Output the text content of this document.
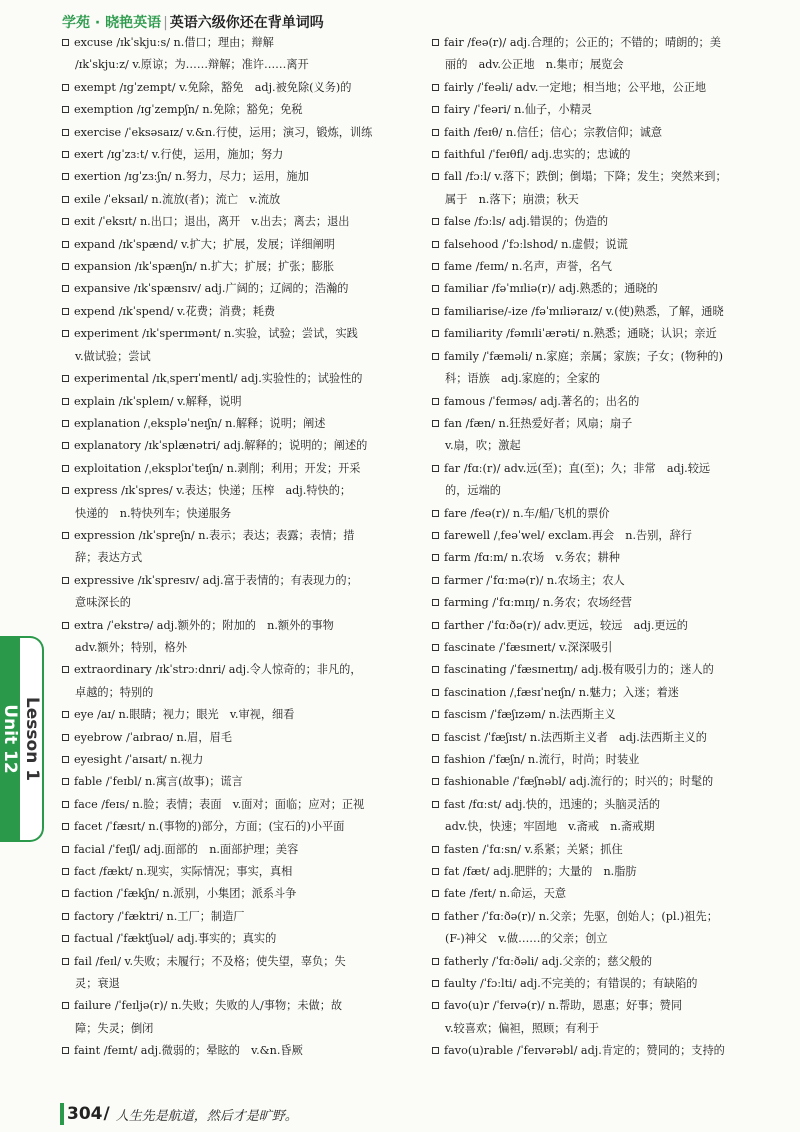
学苑 · 晓艳英语 | 英语六级你还在背单词吗
excuse /ɪkˈskjuːs/ n.借口；理由；辩解
/ɪkˈskjuːz/ v.原谅；为……辩解；准许……离开
exempt /ɪgˈzempt/ v.免除，豁免　adj.被免除(义务)的
exemption /ɪgˈzempʃn/ n.免除；豁免；免税
exercise /ˈeksəsaɪz/ v.&n.行使，运用；演习，锻炼，训练
exert /ɪgˈzɜːt/ v.行使，运用，施加；努力
exertion /ɪgˈzɜːʃn/ n.努力，尽力；运用，施加
exile /ˈeksaɪl/ n.流放(者)；流亡　v.流放
exit /ˈeksɪt/ n.出口；退出，离开　v.出去；离去；退出
expand /ɪkˈspænd/ v.扩大；扩展，发展；详细阐明
expansion /ɪkˈspænʃn/ n.扩大；扩展；扩张；膨胀
expansive /ɪkˈspænsɪv/ adj.广阔的；辽阔的；浩瀚的
expend /ɪkˈspend/ v.花费；消费；耗费
experiment /ɪkˈsperɪmənt/ n.实验，试验；尝试，实践
v.做试验；尝试
experimental /ɪkˌsperɪˈmentl/ adj.实验性的；试验性的
explain /ɪkˈspleɪn/ v.解释，说明
explanation /ˌekspləˈneɪʃn/ n.解释；说明；阐述
explanatory /ɪkˈsplænətri/ adj.解释的；说明的；阐述的
exploitation /ˌeksplɔɪˈteɪʃn/ n.剥削；利用；开发；开采
express /ɪkˈspres/ v.表达；快递；压榨　adj.特快的；
快递的　n.特快列车；快递服务
expression /ɪkˈspreʃn/ n.表示；表达；表露；表情；措
辞；表达方式
expressive /ɪkˈspresɪv/ adj.富于表情的；有表现力的；
意味深长的
extra /ˈekstrə/ adj.额外的；附加的　n.额外的事物
adv.额外；特别，格外
extraordinary /ɪkˈstrɔːdnri/ adj.令人惊奇的；非凡的，
卓越的；特别的
eye /aɪ/ n.眼睛；视力；眼光　v.审视，细看
eyebrow /ˈaɪbraʊ/ n.眉，眉毛
eyesight /ˈaɪsaɪt/ n.视力
fable /ˈfeɪbl/ n.寓言(故事)；谎言
face /feɪs/ n.脸；表情；表面　v.面对；面临；应对；正视
facet /ˈfæsɪt/ n.(事物的)部分，方面；(宝石的)小平面
facial /ˈfeɪʃl/ adj.面部的　n.面部护理；美容
fact /fækt/ n.现实，实际情况；事实，真相
faction /ˈfækʃn/ n.派别，小集团；派系斗争
factory /ˈfæktri/ n.工厂；制造厂
factual /ˈfæktʃuəl/ adj.事实的；真实的
fail /feɪl/ v.失败；未履行；不及格；使失望，辜负；失
灵；衰退
failure /ˈfeɪljə(r)/ n.失败；失败的人/事物；未做；故
障；失灵；倒闭
faint /feɪnt/ adj.微弱的；晕眩的　v.&n.昏厥
fair /feə(r)/ adj.合理的；公正的；不错的；晴朗的；美
丽的　adv.公正地　n.集市；展览会
fairly /ˈfeəli/ adv.一定地；相当地；公平地，公正地
fairy /ˈfeəri/ n.仙子，小精灵
faith /feɪθ/ n.信任；信心；宗教信仰；诚意
faithful /ˈfeɪθfl/ adj.忠实的；忠诚的
fall /fɔːl/ v.落下；跌倒；倒塌；下降；发生；突然来到；
属于　n.落下；崩溃；秋天
false /fɔːls/ adj.错误的；伪造的
falsehood /ˈfɔːlshʊd/ n.虚假；说谎
fame /feɪm/ n.名声，声誉，名气
familiar /fəˈmɪliə(r)/ adj.熟悉的；通晓的
familiarise/-ize /fəˈmɪliəraɪz/ v.(使)熟悉，了解，通晓
familiarity /fəmɪliˈærəti/ n.熟悉；通晓；认识；亲近
family /ˈfæməli/ n.家庭；亲属；家族；子女；(物种的)
科；语族　adj.家庭的；全家的
famous /ˈfeɪməs/ adj.著名的；出名的
fan /fæn/ n.狂热爱好者；风扇；扇子
v.扇，吹；激起
far /fɑː(r)/ adv.远(至)；直(至)；久；非常　adj.较远
的，远端的
fare /feə(r)/ n.车/船/飞机的票价
farewell /ˌfeəˈwel/ exclam.再会　n.告别，辞行
farm /fɑːm/ n.农场　v.务农；耕种
farmer /ˈfɑːmə(r)/ n.农场主；农人
farming /ˈfɑːmɪŋ/ n.务农；农场经营
farther /ˈfɑːðə(r)/ adv.更远，较远　adj.更远的
fascinate /ˈfæsɪneɪt/ v.深深吸引
fascinating /ˈfæsɪneɪtɪŋ/ adj.极有吸引力的；迷人的
fascination /ˌfæsɪˈneɪʃn/ n.魅力；入迷；着迷
fascism /ˈfæʃɪzəm/ n.法西斯主义
fascist /ˈfæʃɪst/ n.法西斯主义者　adj.法西斯主义的
fashion /ˈfæʃn/ n.流行，时尚；时装业
fashionable /ˈfæʃnəbl/ adj.流行的；时兴的；时髦的
fast /fɑːst/ adj.快的，迅速的；头脑灵活的
adv.快，快速；牢固地　v.斋戒　n.斋戒期
fasten /ˈfɑːsn/ v.系紧；关紧；抓住
fat /fæt/ adj.肥胖的；大量的　n.脂肪
fate /feɪt/ n.命运，天意
father /ˈfɑːðə(r)/ n.父亲；先驱，创始人；(pl.)祖先；
(F-)神父　v.做……的父亲；创立
fatherly /ˈfɑːðəli/ adj.父亲的；慈父般的
faulty /ˈfɔːlti/ adj.不完美的；有错误的；有缺陷的
favo(u)r /ˈfeɪvə(r)/ n.帮助，恩惠；好事；赞同
v.较喜欢；偏袒，照顾；有利于
favo(u)rable /ˈfeɪvərəbl/ adj.肯定的；赞同的；支持的
Unit 12 Lesson 1
304 / 人生先是航道，然后才是旷野。
